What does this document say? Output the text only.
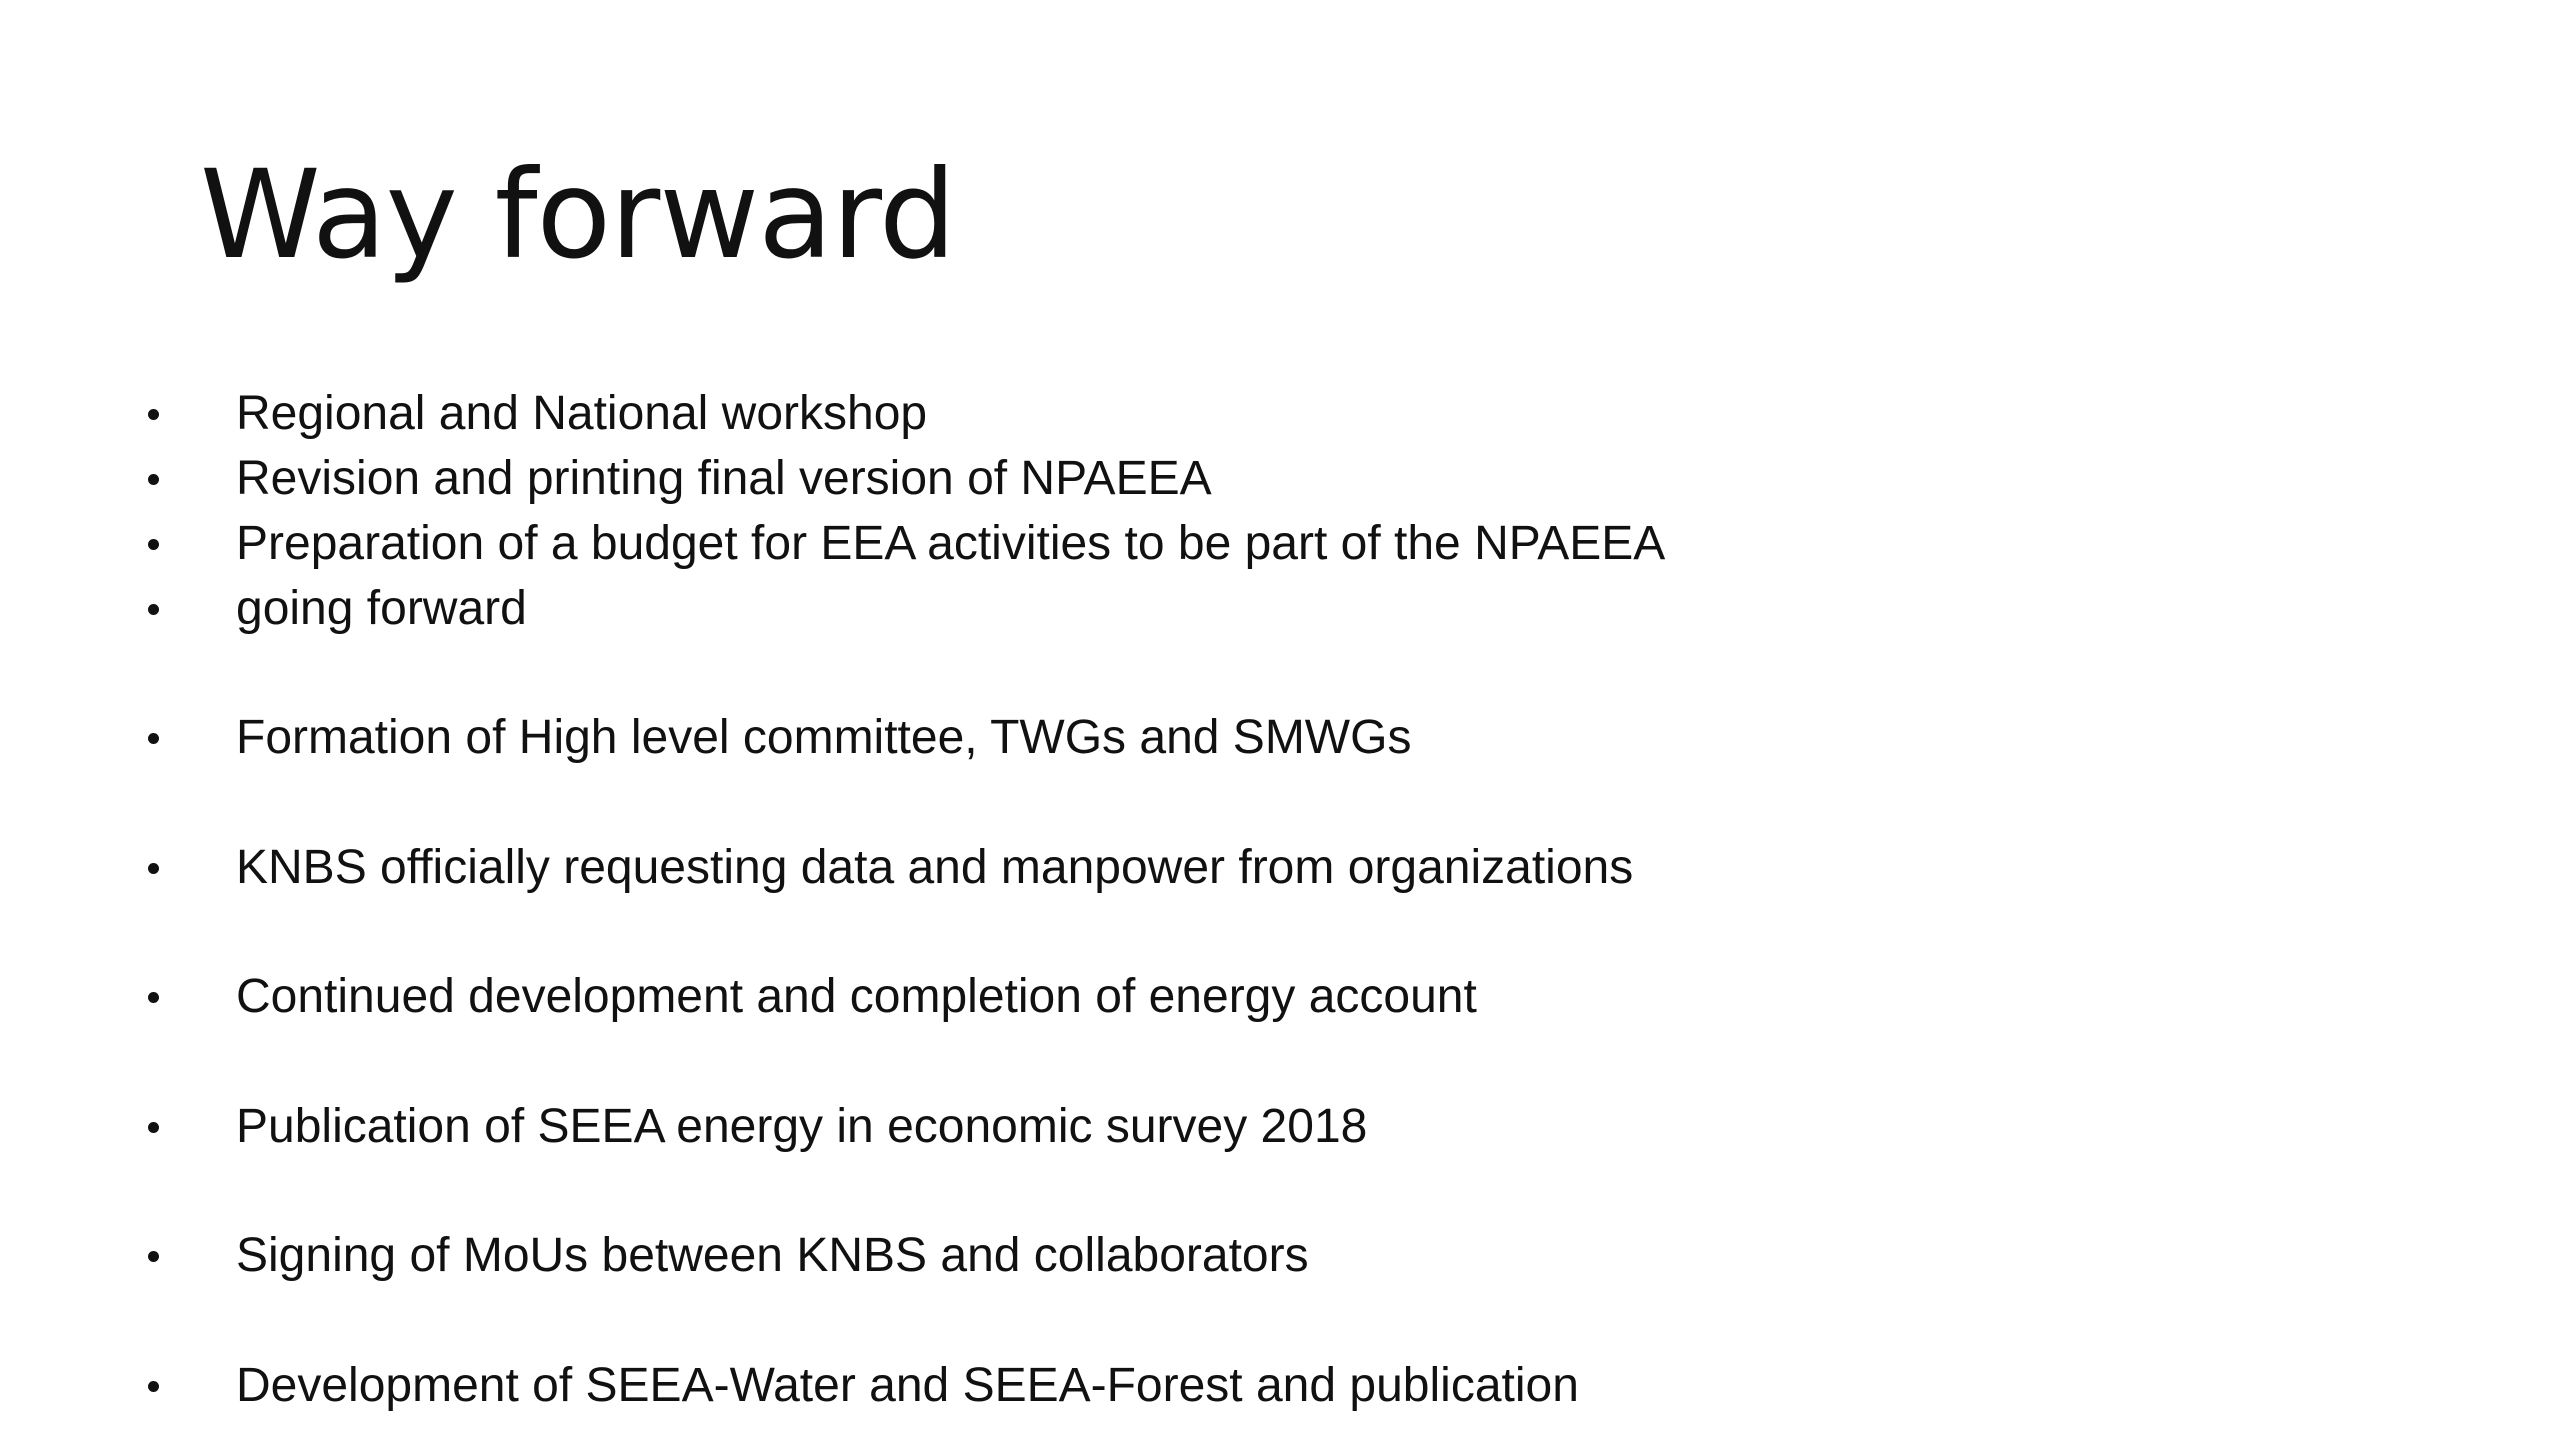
Way forward
Regional and National workshop
Revision and printing final version of NPAEEA
Preparation of a budget for EEA activities to be part of the NPAEEA
going forward
Formation of High level committee, TWGs and SMWGs
KNBS officially requesting data and manpower from organizations
Continued development and completion of energy account
Publication of SEEA energy in economic survey 2018
Signing of MoUs between KNBS and collaborators
Development of SEEA-Water and SEEA-Forest and publication
